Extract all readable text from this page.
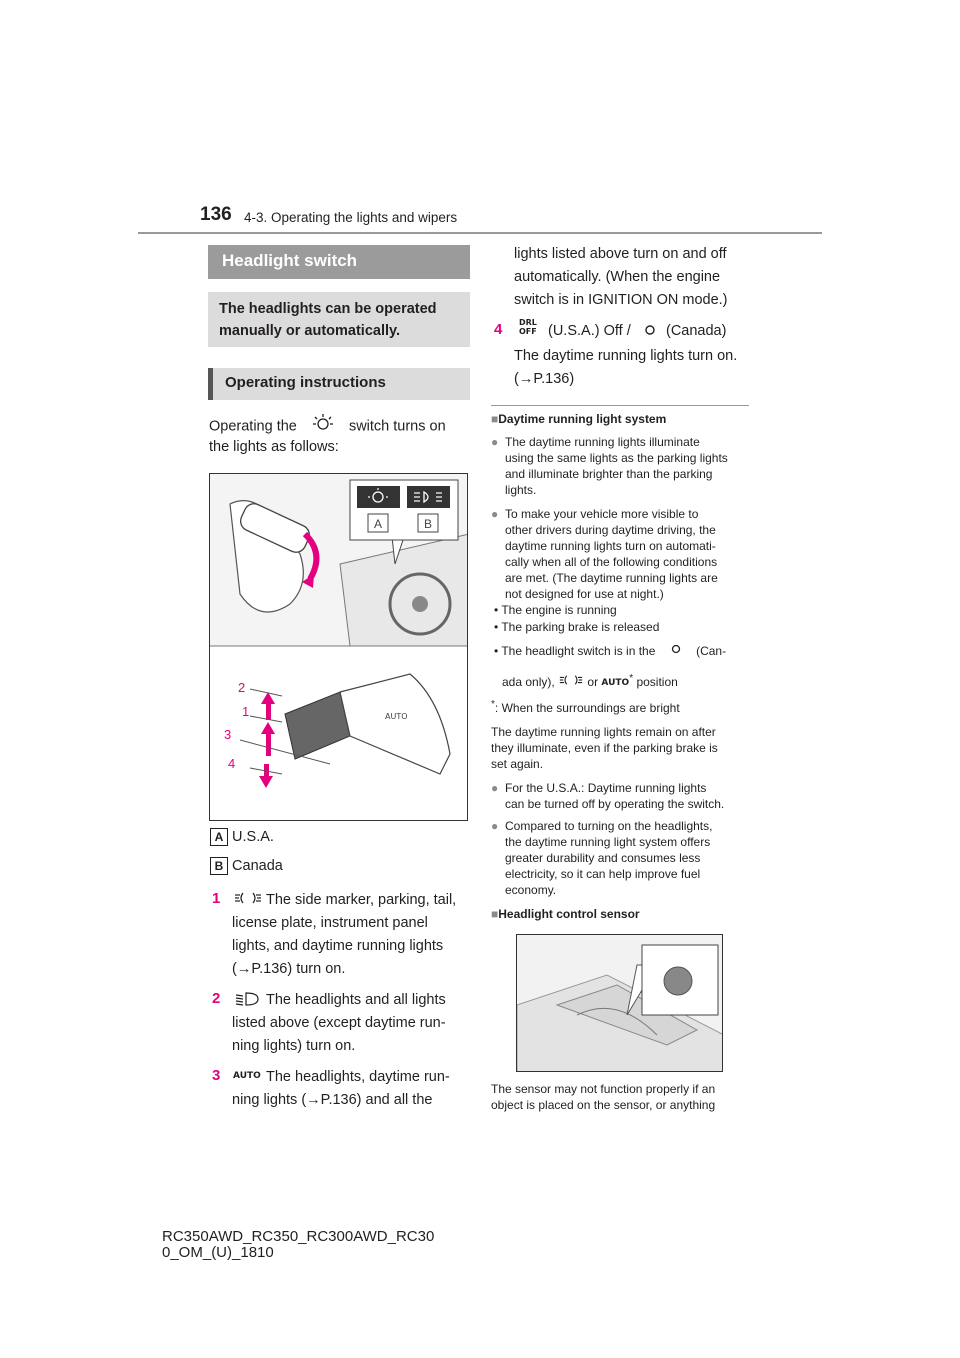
136 4-3. Operating the lights and wipers
Headlight switch
The headlights can be operated
manually or automatically.
Operating instructions
Operating the	switch turns on
the lights as follows:
A	B
AUTO
2
1
3
4
A U.S.A.
B Canada
1	The side marker, parking, tail,
license plate, instrument panel
lights, and daytime running lights
(→P.136) turn on.
2	The headlights and all lights
listed above (except daytime run-
ning lights) turn on.
3 AUTO The headlights, daytime run-
ning lights (→P.136) and all the
lights listed above turn on and off
automatically. (When the engine
switch is in IGNITION ON mode.)
4 DRL
OFF (U.S.A.) Off / (Canada)
The daytime running lights turn on.
(→P.136)
■Daytime running light system
● The daytime running lights illuminate
using the same lights as the parking lights
and illuminate brighter than the parking
lights.
● To make your vehicle more visible to
other drivers during daytime driving, the
daytime running lights turn on automati-
cally when all of the following conditions
are met. (The daytime running lights are
not designed for use at night.)
• The engine is running
• The parking brake is released
• The headlight switch is in the	(Can-
ada only),	or AUTO* position
*: When the surroundings are bright
The daytime running lights remain on after
they illuminate, even if the parking brake is
set again.
● For the U.S.A.: Daytime running lights
can be turned off by operating the switch.
● Compared to turning on the headlights,
the daytime running light system offers
greater durability and consumes less
electricity, so it can help improve fuel
economy.
■Headlight control sensor
The sensor may not function properly if an
object is placed on the sensor, or anything
RC350AWD_RC350_RC300AWD_RC30
0_OM_(U)_1810
